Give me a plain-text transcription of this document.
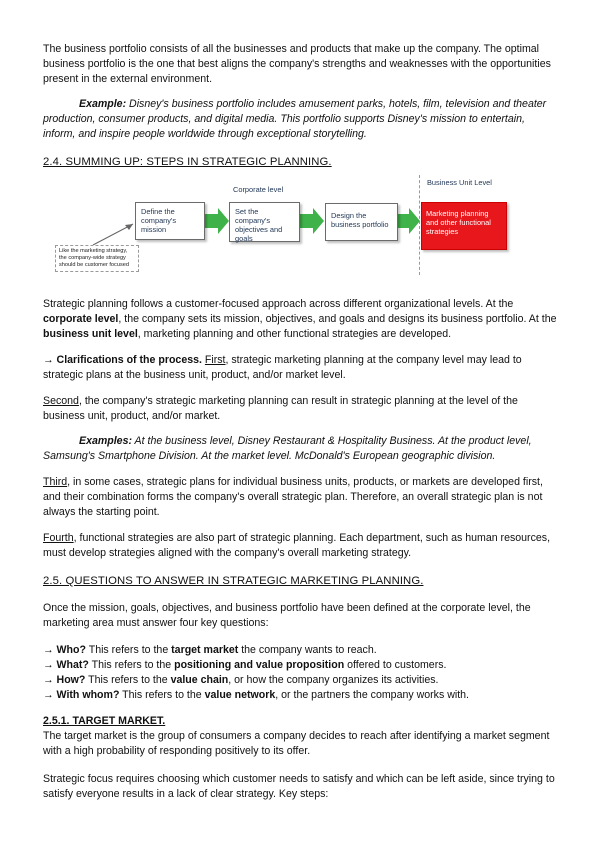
The business portfolio consists of all the businesses and products that make up the company. The optimal business portfolio is the one that best aligns the company's strengths and weaknesses with the opportunities present in the external environment.

Example: Disney's business portfolio includes amusement parks, hotels, film, television and theater production, consumer products, and digital media. This portfolio supports Disney's mission to entertain, inform, and inspire people worldwide through exceptional storytelling.

2.4. SUMMING UP: STEPS IN STRATEGIC PLANNING.

Corporate level
Business Unit Level
Define the company's mission
Set the company's objectives and goals
Design the business portfolio
Marketing planning and other functional strategies
Like the marketing strategy, the company-wide strategy should be customer focused

Strategic planning follows a customer-focused approach across different organizational levels. At the corporate level, the company sets its mission, objectives, and goals and designs its business portfolio. At the business unit level, marketing planning and other functional strategies are developed.

→ Clarifications of the process. First, strategic marketing planning at the company level may lead to strategic plans at the business unit, product, and/or market level.

Second, the company's strategic marketing planning can result in strategic planning at the level of the business unit, product, and/or market.

Examples: At the business level, Disney Restaurant & Hospitality Business. At the product level, Samsung's Smartphone Division. At the market level. McDonald's European geographic division.

Third, in some cases, strategic plans for individual business units, products, or markets are developed first, and their combination forms the company's overall strategic plan. Therefore, an overall strategic plan is not always the starting point.

Fourth, functional strategies are also part of strategic planning. Each department, such as human resources, must develop strategies aligned with the company's overall marketing strategy.

2.5. QUESTIONS TO ANSWER IN STRATEGIC MARKETING PLANNING.

Once the mission, goals, objectives, and business portfolio have been defined at the corporate level, the marketing area must answer four key questions:

→ Who? This refers to the target market the company wants to reach.
→ What? This refers to the positioning and value proposition offered to customers.
→ How? This refers to the value chain, or how the company organizes its activities.
→ With whom? This refers to the value network, or the partners the company works with.

2.5.1. TARGET MARKET.

The target market is the group of consumers a company decides to reach after identifying a market segment with a high probability of responding positively to its offer.

Strategic focus requires choosing which customer needs to satisfy and which can be left aside, since trying to satisfy everyone results in a lack of clear strategy. Key steps:
